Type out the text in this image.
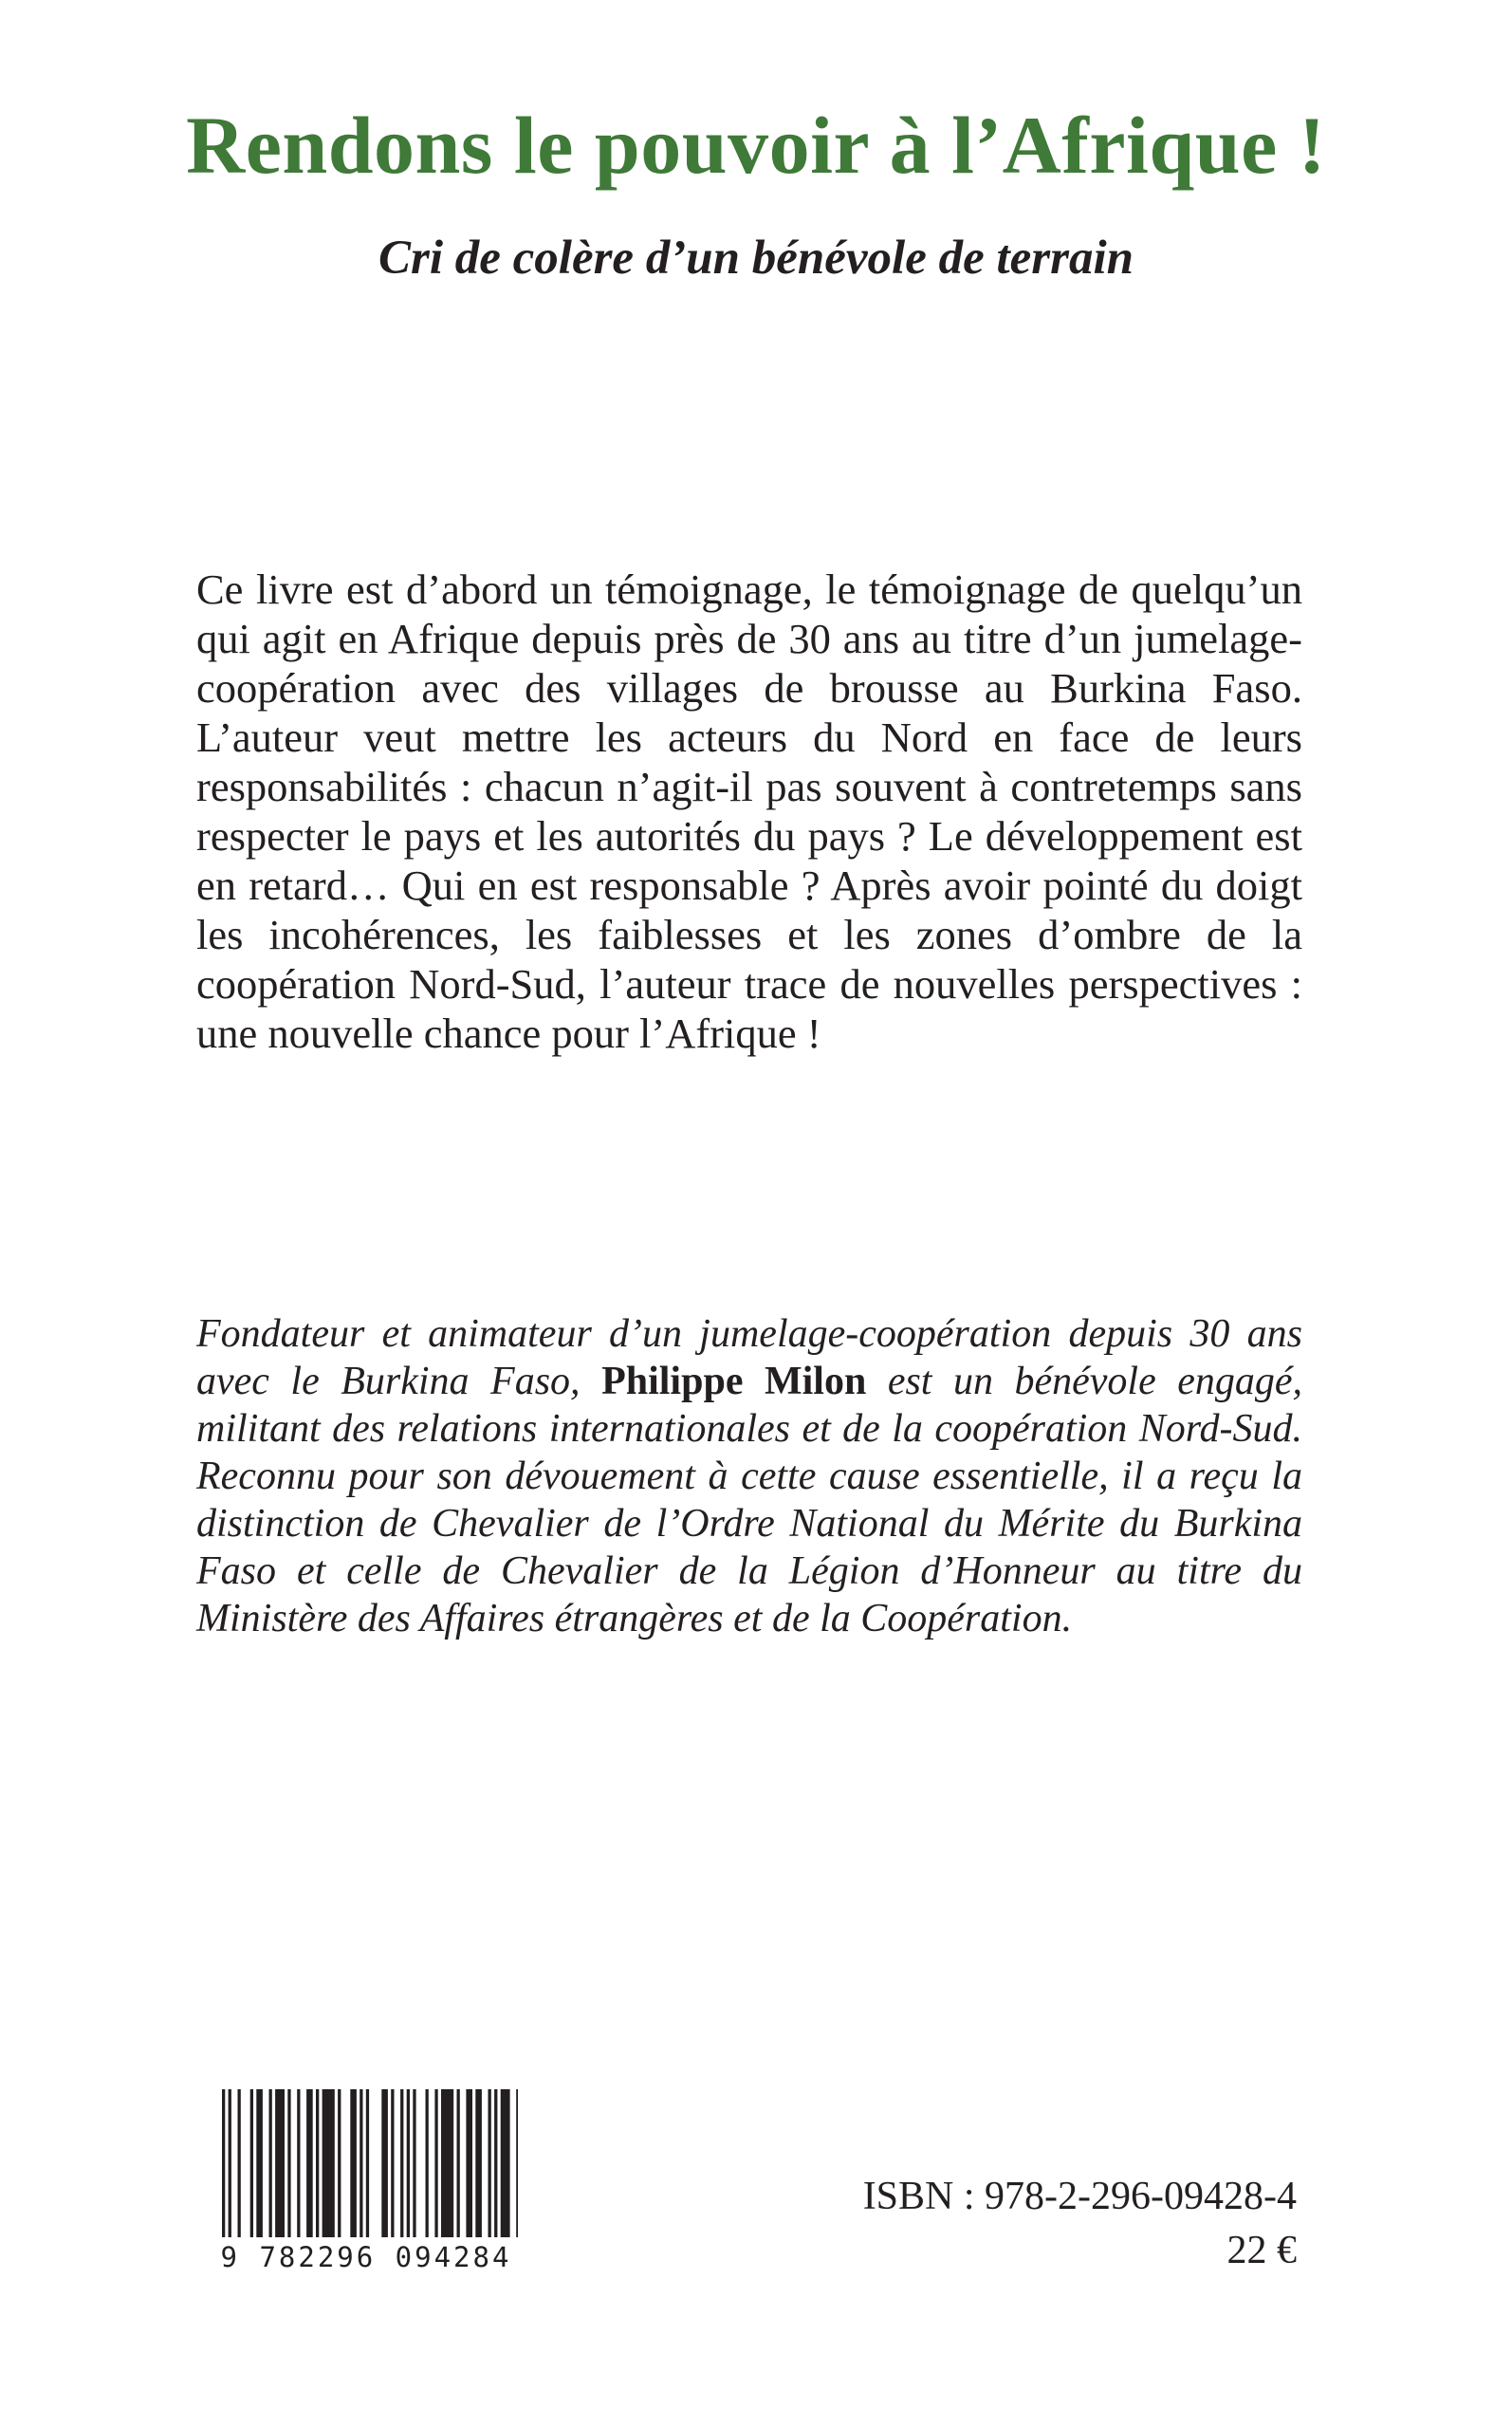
Rendons le pouvoir à l’Afrique !
Cri de colère d’un bénévole de terrain

Ce livre est d’abord un témoignage, le témoignage de quelqu’un qui agit en Afrique depuis près de 30 ans au titre d’un jumelage-coopération avec des villages de brousse au Burkina Faso. L’auteur veut mettre les acteurs du Nord en face de leurs responsabilités : chacun n’agit-il pas souvent à contretemps sans respecter le pays et les autorités du pays ? Le développement est en retard… Qui en est responsable ? Après avoir pointé du doigt les incohérences, les faiblesses et les zones d’ombre de la coopération Nord-Sud, l’auteur trace de nouvelles perspectives : une nouvelle chance pour l’Afrique !

Fondateur et animateur d’un jumelage-coopération depuis 30 ans avec le Burkina Faso, Philippe Milon est un bénévole engagé, militant des relations internationales et de la coopération Nord-Sud. Reconnu pour son dévouement à cette cause essentielle, il a reçu la distinction de Chevalier de l’Ordre National du Mérite du Burkina Faso et celle de Chevalier de la Légion d’Honneur au titre du Ministère des Affaires étrangères et de la Coopération.

9 782296 094284

ISBN : 978-2-296-09428-4

22 €
